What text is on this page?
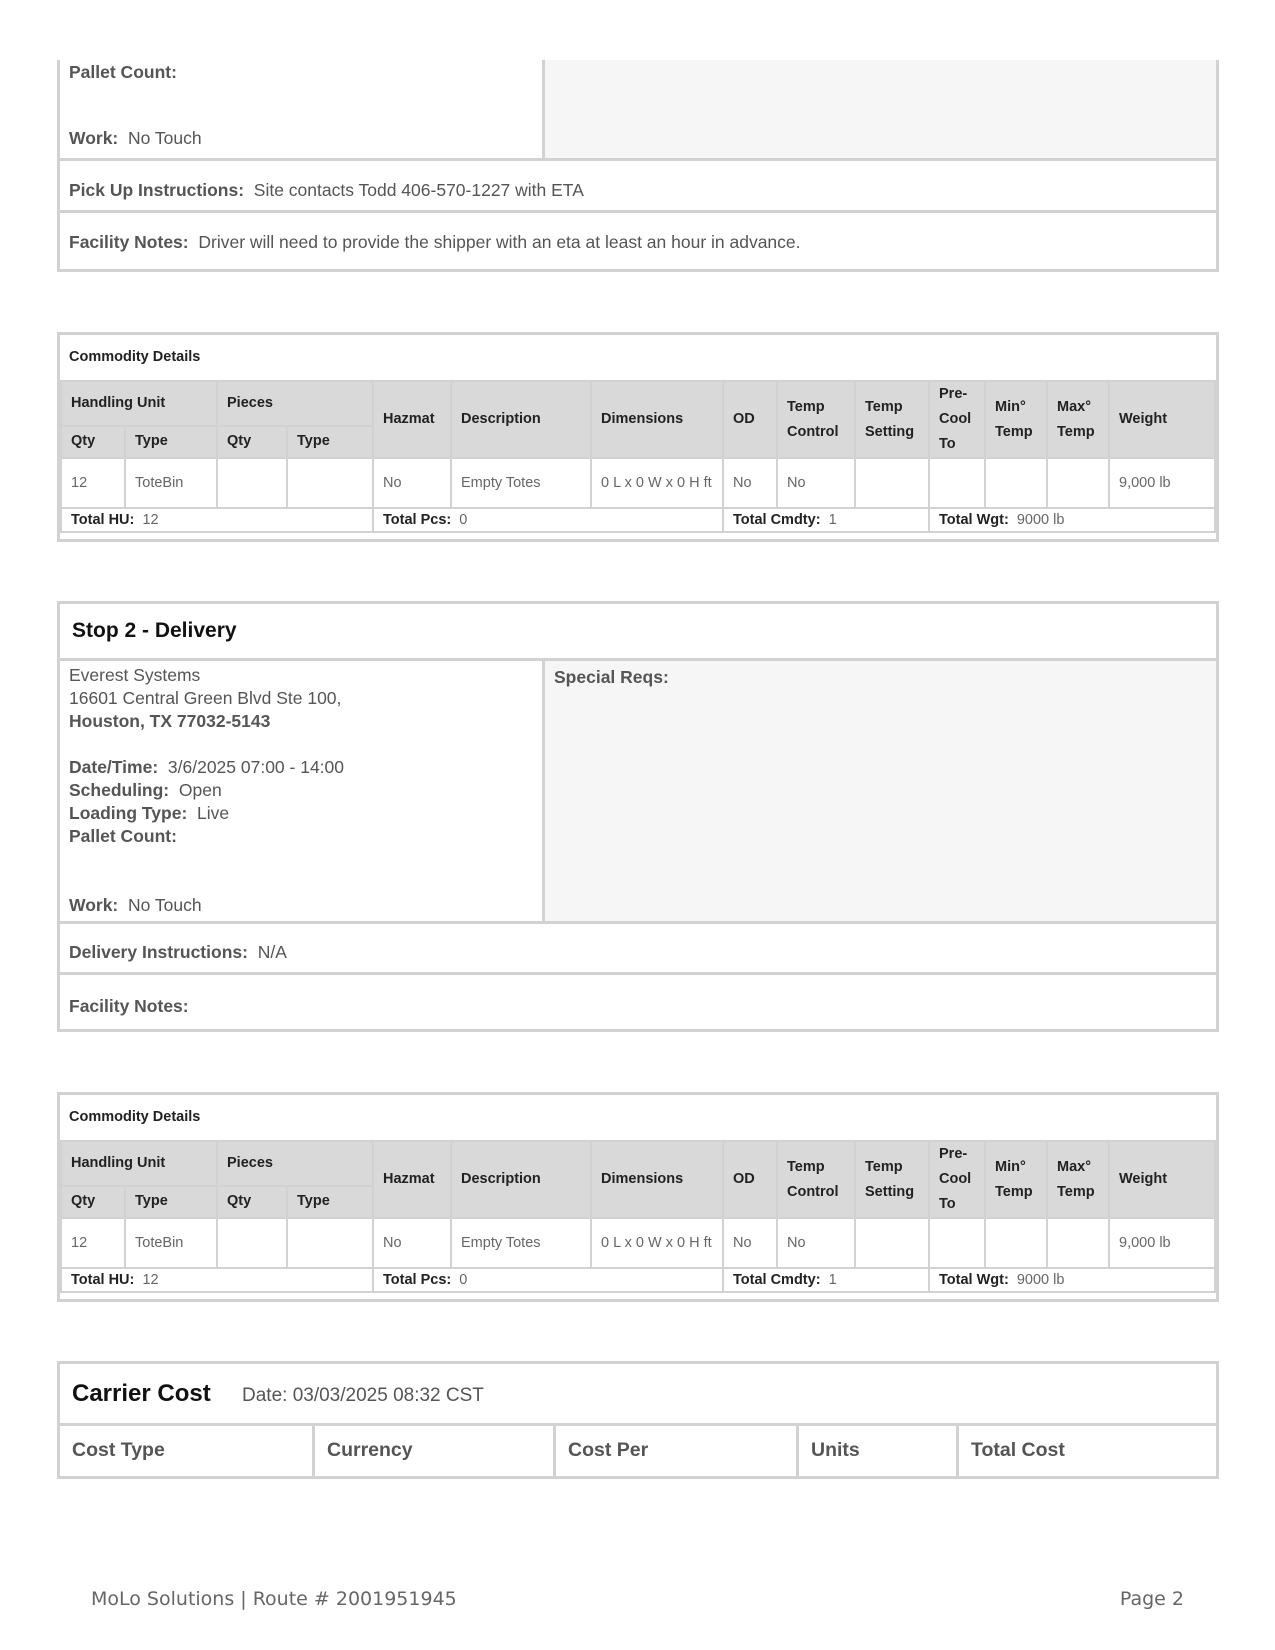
Pallet Count:
Work: No Touch
Pick Up Instructions: Site contacts Todd 406-570-1227 with ETA
Facility Notes: Driver will need to provide the shipper with an eta at least an hour in advance.
Commodity Details
Handling Unit		Pieces		Hazmat	Description	Dimensions	OD	Temp Control	Temp Setting	Pre-Cool To	Min° Temp	Max° Temp	Weight
Qty	Type	Qty	Type										
12	ToteBin			No	Empty Totes	0 L x 0 W x 0 H ft	No	No					9,000 lb
Total HU: 12				Total Pcs: 0			Total Cmdty: 1			Total Wgt: 9000 lb			
Stop 2 - Delivery
Everest Systems
16601 Central Green Blvd Ste 100,
Houston, TX 77032-5143
Date/Time: 3/6/2025 07:00 - 14:00
Scheduling: Open
Loading Type: Live
Pallet Count:
Work: No Touch
Special Reqs:
Delivery Instructions: N/A
Facility Notes:
Commodity Details
Handling Unit		Pieces		Hazmat	Description	Dimensions	OD	Temp Control	Temp Setting	Pre-Cool To	Min° Temp	Max° Temp	Weight
Qty	Type	Qty	Type										
12	ToteBin			No	Empty Totes	0 L x 0 W x 0 H ft	No	No					9,000 lb
Total HU: 12				Total Pcs: 0			Total Cmdty: 1			Total Wgt: 9000 lb			
Carrier Cost Date: 03/03/2025 08:32 CST
Cost Type	Currency	Cost Per	Units	Total Cost
MoLo Solutions | Route # 2001951945	Page 2
